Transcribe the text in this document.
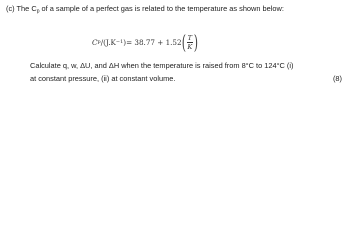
(c) The $C_p$ of a sample of a perfect gas is related to the temperature as shown below:
C p /(J.K −1 ) = 38.77 + 1.52 ( $\frac{T}{K}$ )
Calculate q, w, ΔU, and ΔH when the temperature is raised from 8°C to 124°C (i)
at constant pressure, (ii) at constant volume.	(8)
